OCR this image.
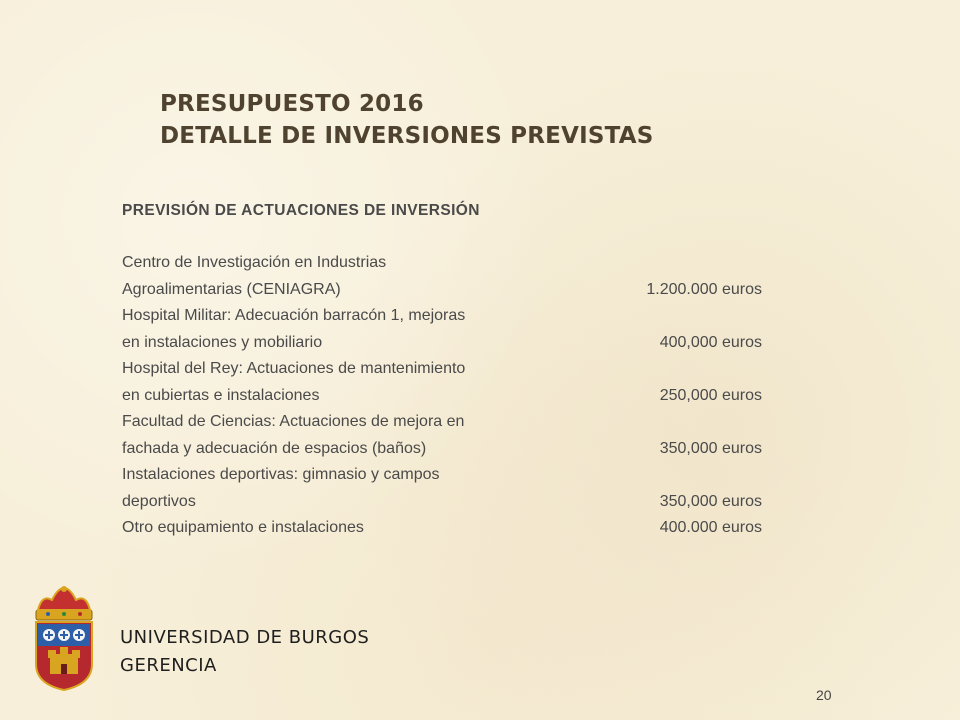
PRESUPUESTO 2016
DETALLE DE INVERSIONES PREVISTAS
PREVISIÓN DE ACTUACIONES DE INVERSIÓN
Centro de Investigación en Industrias
Agroalimentarias (CENIAGRA)	1.200.000 euros
Hospital Militar: Adecuación barracón 1, mejoras
en instalaciones y mobiliario	400,000 euros
Hospital del Rey: Actuaciones de mantenimiento
en cubiertas e instalaciones	250,000 euros
Facultad de Ciencias: Actuaciones de mejora en
fachada y adecuación de espacios (baños)	350,000 euros
Instalaciones deportivas: gimnasio y campos
deportivos	350,000 euros
Otro equipamiento e instalaciones	400.000 euros
UNIVERSIDAD DE BURGOS
GERENCIA
20
